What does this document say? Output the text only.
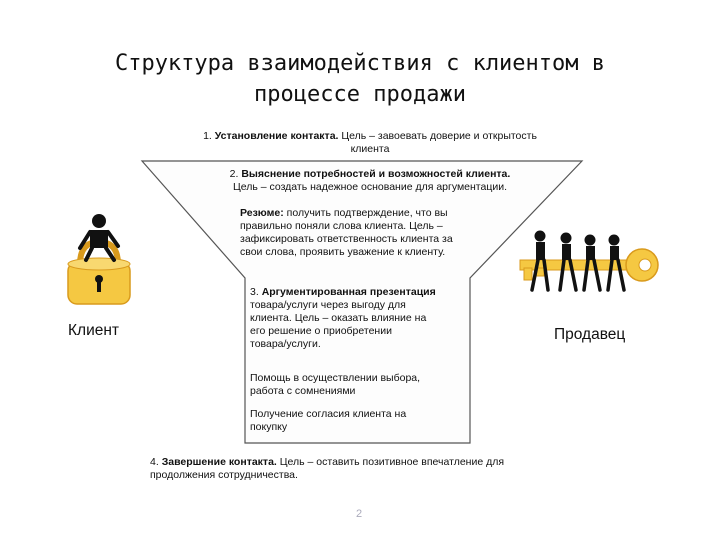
Структура взаимодействия с клиентом в
процессе продажи
1. Установление контакта. Цель – завоевать доверие и открытость
клиента
2. Выяснение потребностей и возможностей клиента.
Цель – создать надежное основание для аргументации.
Резюме: получить подтверждение, что вы
правильно поняли слова клиента. Цель –
зафиксировать ответственность клиента за
свои слова, проявить уважение к клиенту.
3. Аргументированная презентация
товара/услуги через выгоду для
клиента. Цель – оказать влияние на
его решение о приобретении
товара/услуги.
Помощь в осуществлении выбора,
работа с сомнениями
Получение согласия клиента на
покупку
4. Завершение контакта. Цель – оставить позитивное впечатление для
продолжения сотрудничества.
Клиент	Продавец
2
